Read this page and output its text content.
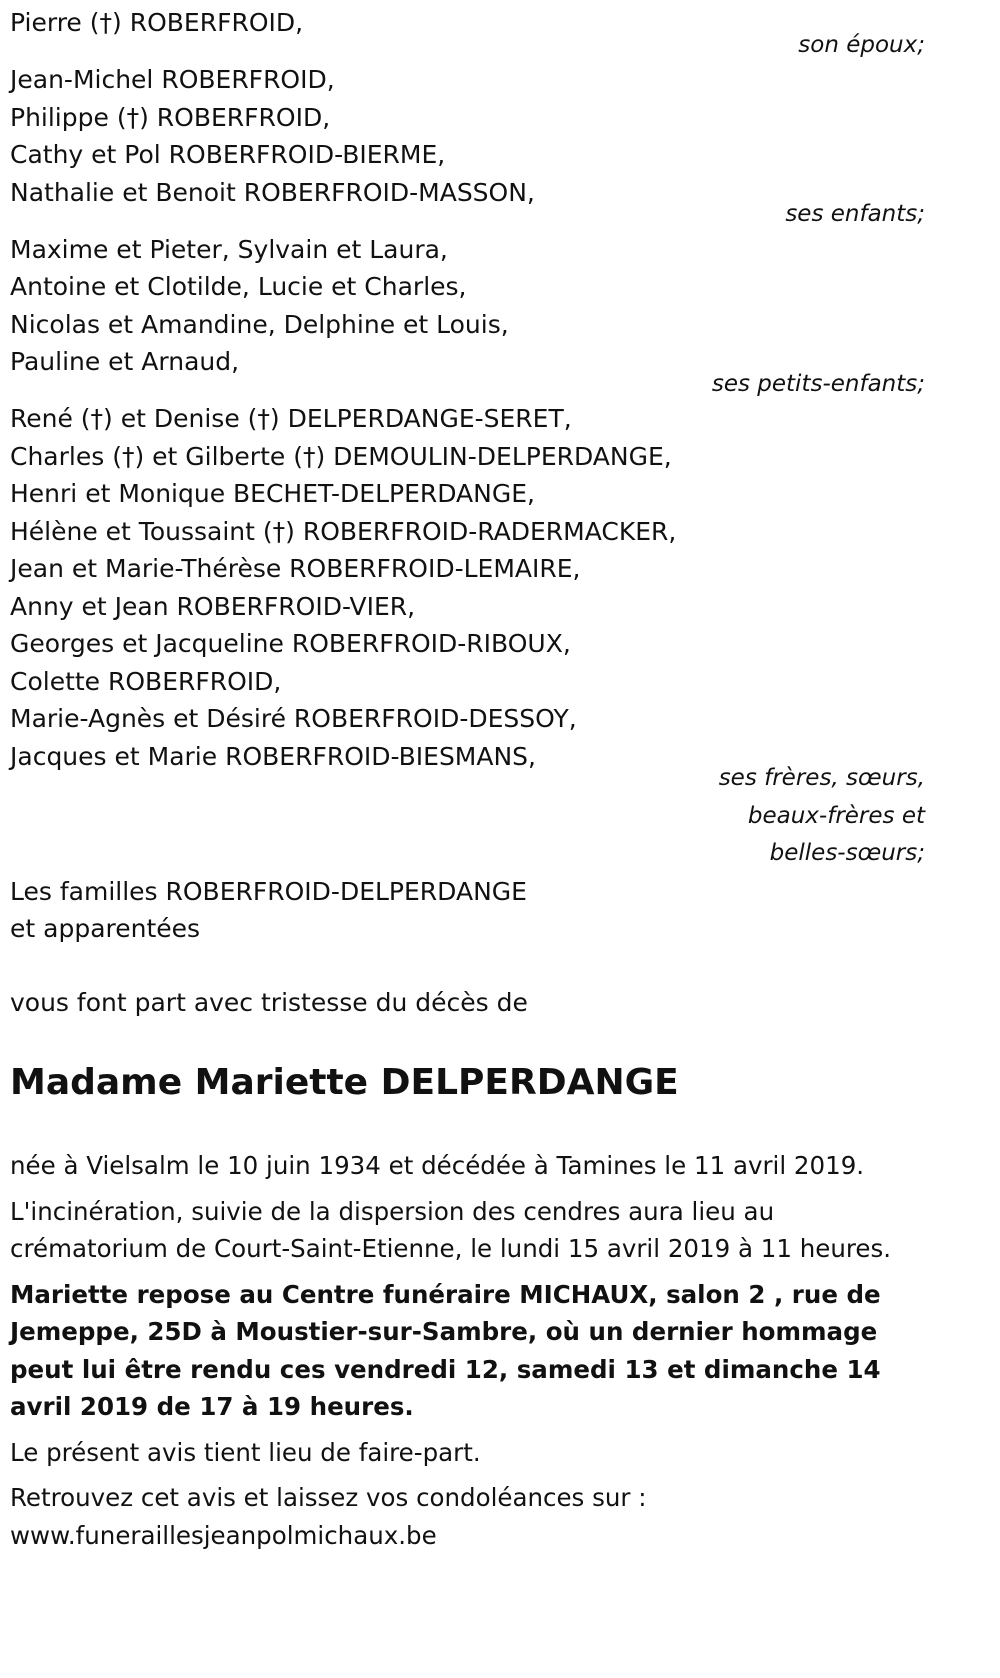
Pierre (†) ROBERFROID,
son époux;
Jean-Michel ROBERFROID,
Philippe (†) ROBERFROID,
Cathy et Pol ROBERFROID-BIERME,
Nathalie et Benoit ROBERFROID-MASSON,
ses enfants;
Maxime et Pieter, Sylvain et Laura,
Antoine et Clotilde, Lucie et Charles,
Nicolas et Amandine, Delphine et Louis,
Pauline et Arnaud,
ses petits-enfants;
René (†) et Denise (†) DELPERDANGE-SERET,
Charles (†) et Gilberte (†) DEMOULIN-DELPERDANGE,
Henri et Monique BECHET-DELPERDANGE,
Hélène et Toussaint (†) ROBERFROID-RADERMACKER,
Jean et Marie-Thérèse ROBERFROID-LEMAIRE,
Anny et Jean ROBERFROID-VIER,
Georges et Jacqueline ROBERFROID-RIBOUX,
Colette ROBERFROID,
Marie-Agnès et Désiré ROBERFROID-DESSOY,
Jacques et Marie ROBERFROID-BIESMANS,
ses frères, sœurs,
beaux-frères et
belles-sœurs;
Les familles ROBERFROID-DELPERDANGE
et apparentées
vous font part avec tristesse du décès de
Madame Mariette DELPERDANGE
née à Vielsalm le 10 juin 1934 et décédée à Tamines le 11 avril 2019.
L'incinération, suivie de la dispersion des cendres aura lieu au crématorium de Court-Saint-Etienne, le lundi 15 avril 2019 à 11 heures.
Mariette repose au Centre funéraire MICHAUX, salon 2 , rue de Jemeppe, 25D à Moustier-sur-Sambre, où un dernier hommage peut lui être rendu ces vendredi 12, samedi 13 et dimanche 14 avril 2019 de 17 à 19 heures.
Le présent avis tient lieu de faire-part.
Retrouvez cet avis et laissez vos condoléances sur :
www.funeraillesjeanpolmichaux.be
